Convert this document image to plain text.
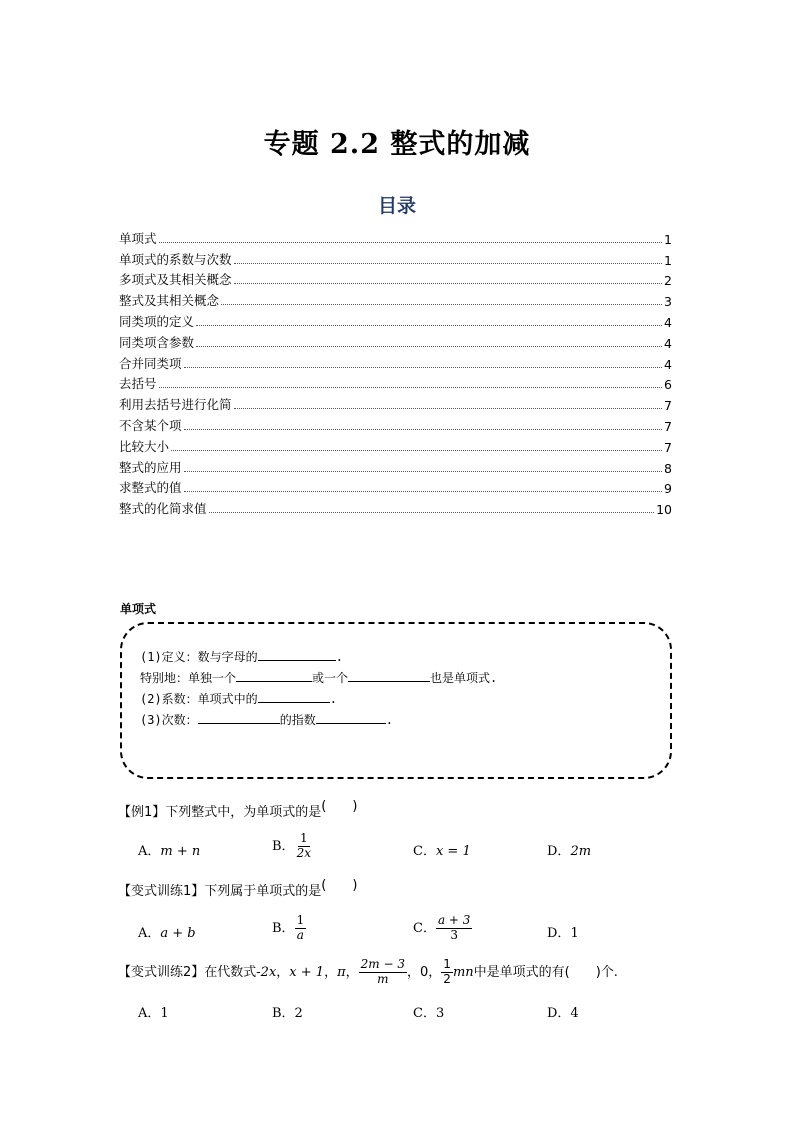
专题 2.2 整式的加减
目录
单项式	1
单项式的系数与次数	1
多项式及其相关概念	2
整式及其相关概念	3
同类项的定义	4
同类项含参数	4
合并同类项	4
去括号	6
利用去括号进行化简	7
不含某个项	7
比较大小	7
整式的应用	8
求整式的值	9
整式的化简求值	10
单项式
(1)定义：数与字母的	.
特别地：单独一个	或一个	也是单项式.
(2)系数：单项式中的	.
(3)次数：	的指数	.
【例1】下列整式中，为单项式的是(　　)
A．m + n	B． $\frac{1}{2x}$	C．x = 1	D．2m
【变式训练1】下列属于单项式的是(　　)
A．a + b	B． $\frac{1}{a}$	C． $\frac{a + 3}{3}$	D．1
【变式训练2】在代数式-2x，x + 1，π， $\frac{2m - 3}{m}$ ，0， $\frac{1}{2}$ mn中是单项式的有(　　)个.
A．1	B．2	C．3	D．4
